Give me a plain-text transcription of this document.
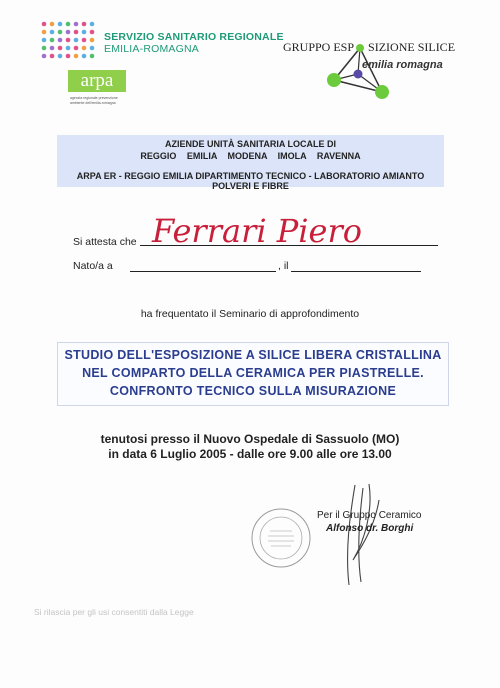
SERVIZIO SANITARIO REGIONALE
EMILIA-ROMAGNA
arpa
agenzia regionale prevenzione ambiente dell'emilia-romagna
GRUPPO ESP SIZIONE SILICE
emilia romagna
AZIENDE UNITÀ SANITARIA LOCALE DI
REGGIO EMILIA MODENA IMOLA RAVENNA
ARPA ER - REGGIO EMILIA DIPARTIMENTO TECNICO - LABORATORIO AMIANTO POLVERI E FIBRE
Si attesta che Ferrari Piero
Nato/a a	, il
ha frequentato il Seminario di approfondimento
STUDIO DELL'ESPOSIZIONE A SILICE LIBERA CRISTALLINA
NEL COMPARTO DELLA CERAMICA PER PIASTRELLE.
CONFRONTO TECNICO SULLA MISURAZIONE
tenutosi presso il Nuovo Ospedale di Sassuolo (MO)
in data 6 Luglio 2005 - dalle ore 9.00 alle ore 13.00
Per il Gruppo Ceramico
Alfonso dr. Borghi
Si rilascia per gli usi consentiti dalla Legge
